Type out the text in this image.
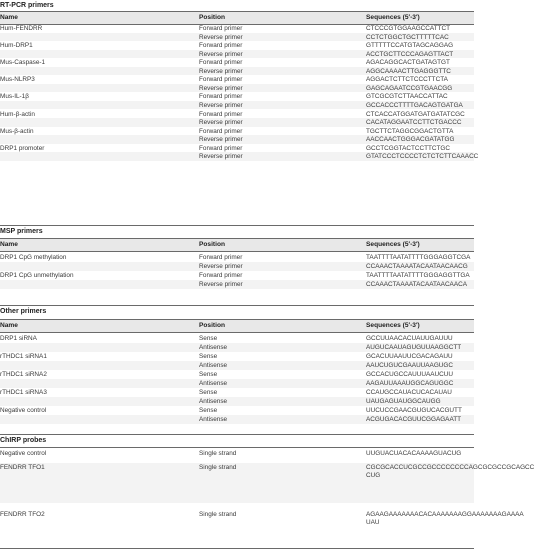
RT-PCR primers
Name	Position	Sequences (5′-3′)
Hum-FENDRR	Forward primer	CTCCCGTGGAAGCCATTCT
Reverse primer	CCTCTGGCTGCTTTTTCAC
Hum-DRP1	Forward primer	GTTTTTCCATGTAGCAGGAG
Reverse primer	ACCTGCTTCCCAGAGTTACT
Mus-Caspase-1	Forward primer	AGACAGGCACTGATAGTGT
Reverse primer	AGGCAAAACTTGAGGGTTC
Mus-NLRP3	Forward primer	AGGACTCTTCTCCCTTCTA
Reverse primer	GAGCAGAATCCGTGAACGG
Mus-IL-1β	Forward primer	GTCGCGTCTTAACCATTAC
Reverse primer	GCCACCCTTTTGACAGTGATGA
Hum-β-actin	Forward primer	CTCACCATGGATGATGATATCGC
Reverse primer	CACATAGGAATCCTTCTGACCC
Mus-β-actin	Forward primer	TGCTTCTAGGCGGACTGTTA
Reverse primer	AACCAACTGGGACGATATGG
DRP1 promoter	Forward primer	GCCTCGGTACTCCTTCTGC
Reverse primer	GTATCCCTCCCCTCTCTCTTCAAACC
MSP primers
Name	Position	Sequences (5′-3′)
DRP1 CpG methylation	Forward primer	TAATTTTAATATTTTGGGAGGTCGA
Reverse primer	CCAAACTAAAATACAATAACAACG
DRP1 CpG unmethylation	Forward primer	TAATTTTAATATTTTGGGAGGTTGA
Reverse primer	CCAAACTAAAATACAATAACAACA
Other primers
Name	Position	Sequences (5′-3′)
DRP1 siRNA	Sense	GCCUUAACACUAUUGAUUU
Antisense	AUGUCAAUAGUGUUAAGGCTT
rTHDC1 siRNA1	Sense	GCACUUAAUUCGACAGAUU
Antisense	AAUCUGUCGAAUUAAGUGC
rTHDC1 siRNA2	Sense	GCCACUGCCAUUUAAUCUU
Antisense	AAGAUUAAAUGGCAGUGGC
rTHDC1 siRNA3	Sense	CCAUGCCAUACUCACAUAU
Antisense	UAUGAGUAUGGCAUGG
Negative control	Sense	UUCUCCGAACGUGUCACGUTT
Antisense	ACGUGACACGUUCGGAGAATT
ChIRP probes
Negative control	Single strand	UUGUACUACACAAAAGUACUG
FENDRR TFO1	Single strand	CGCGCACCUCGCCGCCCCCCCCAGCGCGCCGCAGCC CUG
FENDRR TFO2	Single strand	AGAAGAAAAAAACACAAAAAAAGGAAAAAAAGAAAA UAU
